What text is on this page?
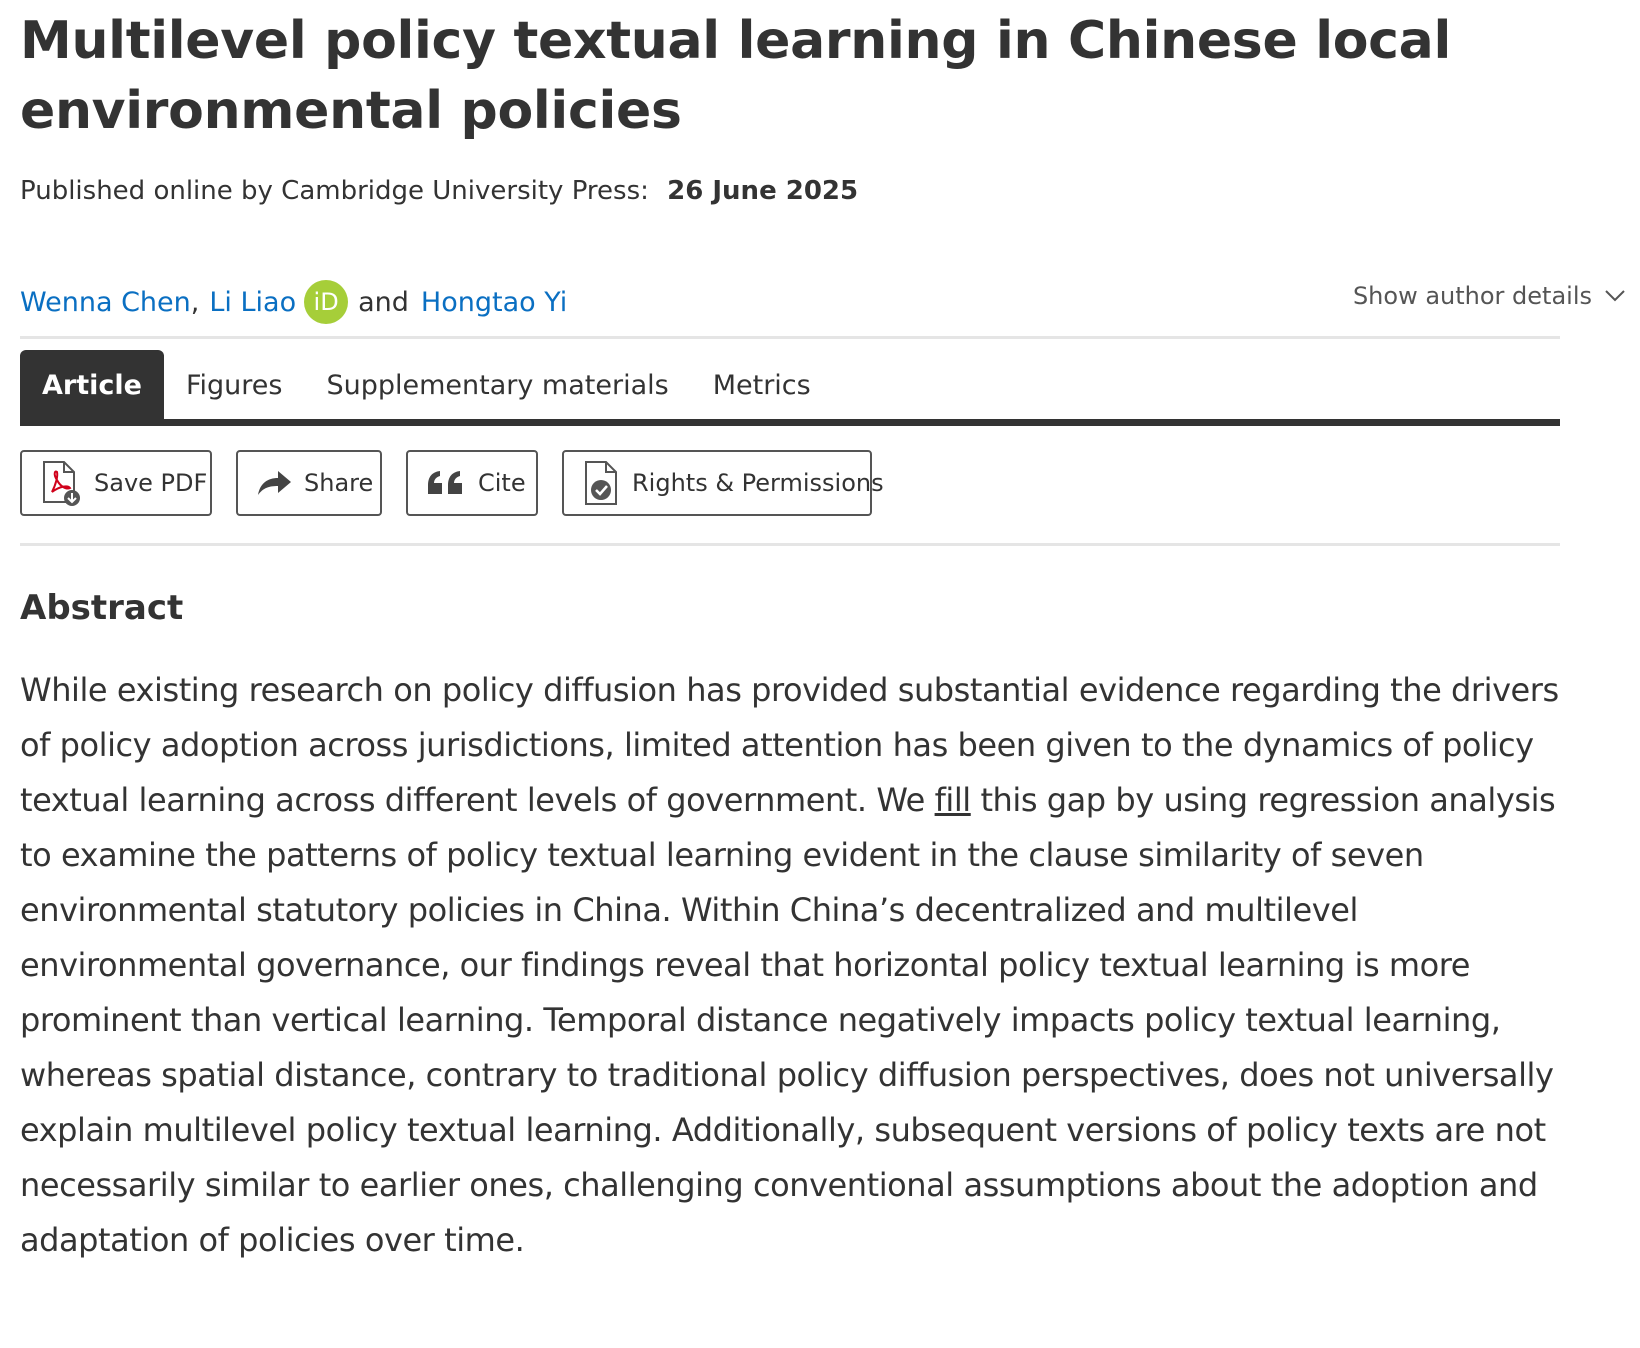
Multilevel policy textual learning in Chinese local environmental policies
Published online by Cambridge University Press: 26 June 2025
Wenna Chen , Li Liao iD and Hongtao Yi	Show author details
Article	Figures	Supplementary materials	Metrics
Save PDF	Share	Cite	Rights & Permissions
Abstract

While existing research on policy diffusion has provided substantial evidence regarding the drivers of policy adoption across jurisdictions, limited attention has been given to the dynamics of policy textual learning across different levels of government. We fill this gap by using regression analysis to examine the patterns of policy textual learning evident in the clause similarity of seven environmental statutory policies in China. Within China’s decentralized and multilevel environmental governance, our findings reveal that horizontal policy textual learning is more prominent than vertical learning. Temporal distance negatively impacts policy textual learning, whereas spatial distance, contrary to traditional policy diffusion perspectives, does not universally explain multilevel policy textual learning. Additionally, subsequent versions of policy texts are not necessarily similar to earlier ones, challenging conventional assumptions about the adoption and adaptation of policies over time.
